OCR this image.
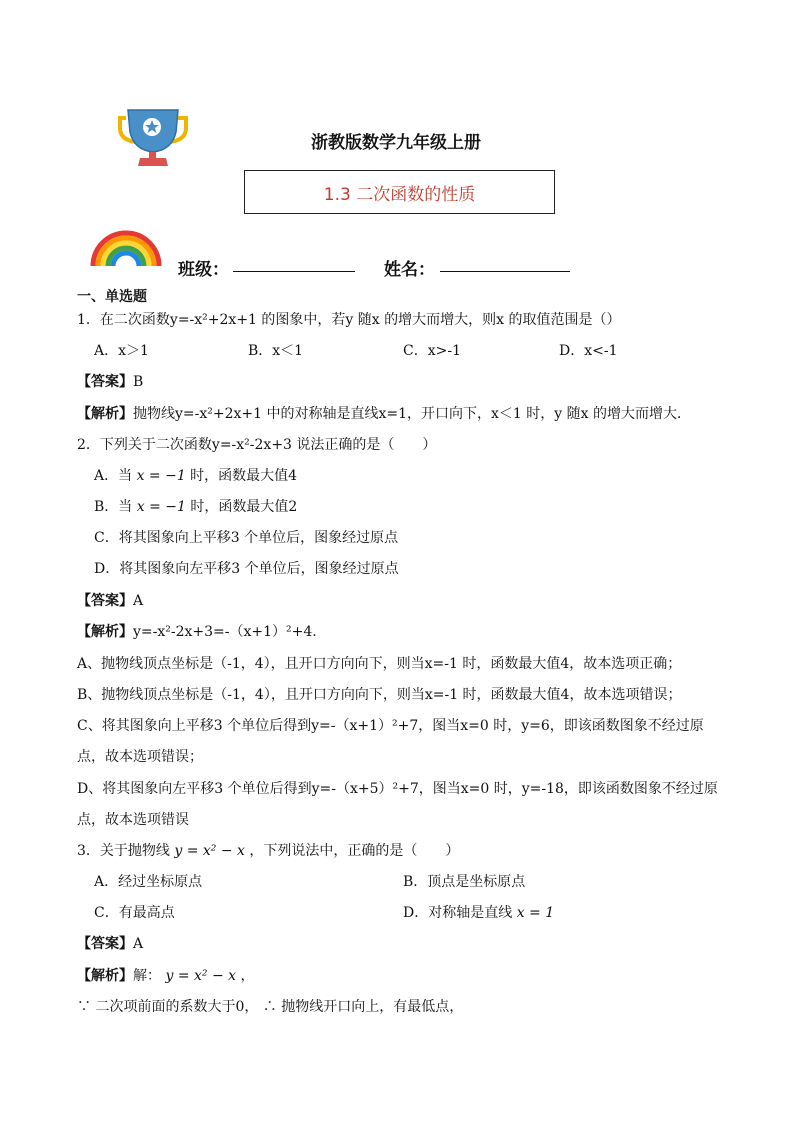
浙教版数学九年级上册
1.3 二次函数的性质
班级：	姓名：
一、单选题
1．在二次函数y=-x²+2x+1 的图象中，若y 随x 的增大而增大，则x 的取值范围是（）
A．x＞1	B．x＜1	C．x>-1	D．x<-1
【答案】B
【解析】抛物线y=-x²+2x+1 中的对称轴是直线x=1，开口向下，x＜1 时，y 随x 的增大而增大．
2．下列关于二次函数y=-x²-2x+3 说法正确的是（　　）
A．当 x = −1 时，函数最大值4
B．当 x = −1 时，函数最大值2
C．将其图象向上平移3 个单位后，图象经过原点
D．将其图象向左平移3 个单位后，图象经过原点
【答案】A
【解析】y=-x²-2x+3=-（x+1）²+4.
A、抛物线顶点坐标是（-1，4），且开口方向向下，则当x=-1 时，函数最大值4，故本选项正确；
B、抛物线顶点坐标是（-1，4），且开口方向向下，则当x=-1 时，函数最大值4，故本选项错误；
C、将其图象向上平移3 个单位后得到y=-（x+1）²+7，图当x=0 时，y=6，即该函数图象不经过原
点，故本选项错误；
D、将其图象向左平移3 个单位后得到y=-（x+5）²+7，图当x=0 时，y=-18，即该函数图象不经过原
点，故本选项错误
3．关于抛物线 y = x² − x ，下列说法中，正确的是（　　）
A．经过坐标原点	B．顶点是坐标原点
C．有最高点	D．对称轴是直线 x = 1
【答案】A
【解析】解： y = x² − x ，
∵ 二次项前面的系数大于0， ∴ 抛物线开口向上，有最低点，
